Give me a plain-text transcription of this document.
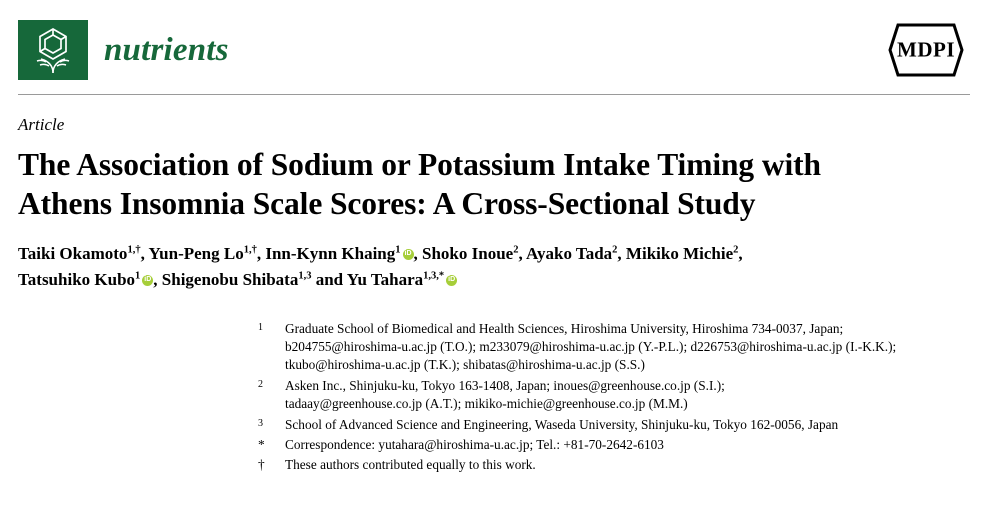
nutrients	MDPI
Article
The Association of Sodium or Potassium Intake Timing with
Athens Insomnia Scale Scores: A Cross-Sectional Study
Taiki Okamoto$^{1,\dagger}$, Yun-Peng $Lo^{1,\dagger}$, Inn-Kynn Khaing$^1$ iD , Shoko Inoue$^2$, Ayako Tada$^2$, Mikiko Michie$^2$,
Tatsuhiko Kubo$^1$ iD , Shigenobu Shibata$^{1,3}$ and Yu Tahara$^{1,3,*}$iD
1	Graduate School of Biomedical and Health Sciences, Hiroshima University, Hiroshima 734-0037, Japan;
b204755@hiroshima-u.ac.jp (T.O.); m233079@hiroshima-u.ac.jp (Y.-P.L.); d226753@hiroshima-u.ac.jp (I.-K.K.);
tkubo@hiroshima-u.ac.jp (T.K.); shibatas@hiroshima-u.ac.jp (S.S.)
2	Asken Inc., Shinjuku-ku, Tokyo 163-1408, Japan; inoues@greenhouse.co.jp (S.I.);
tadaay@greenhouse.co.jp (A.T.); mikiko-michie@greenhouse.co.jp (M.M.)
3	School of Advanced Science and Engineering, Waseda University, Shinjuku-ku, Tokyo 162-0056, Japan
*	Correspondence: yutahara@hiroshima-u.ac.jp; Tel.: +81-70-2642-6103
†	These authors contributed equally to this work.
